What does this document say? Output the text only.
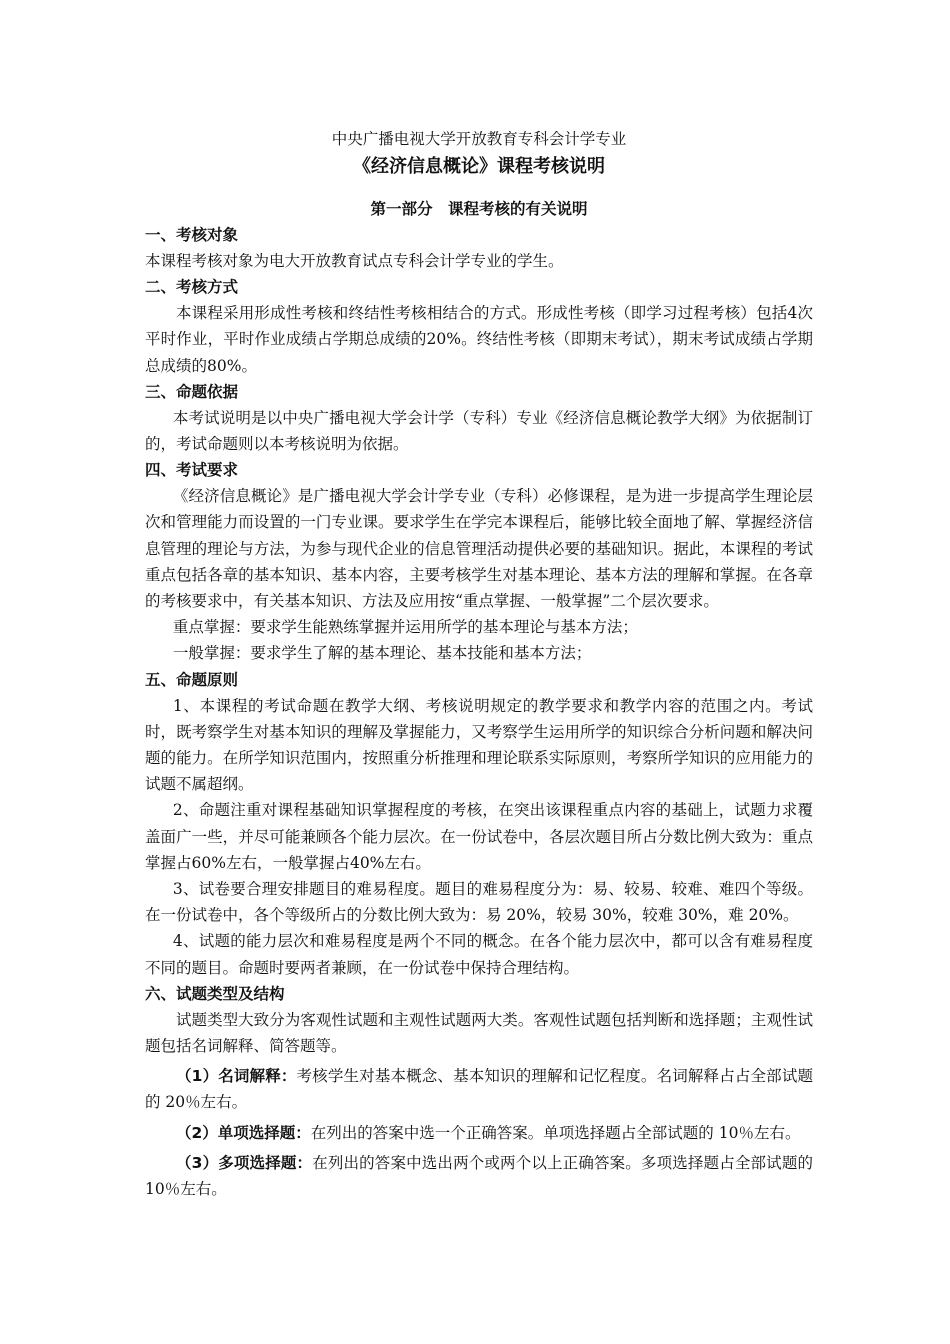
中央广播电视大学开放教育专科会计学专业
《经济信息概论》课程考核说明
第一部分　课程考核的有关说明
一、考核对象

本课程考核对象为电大开放教育试点专科会计学专业的学生。

二、考核方式

本课程采用形成性考核和终结性考核相结合的方式。形成性考核（即学习过程考核）包括4次平时作业，平时作业成绩占学期总成绩的20%。终结性考核（即期末考试），期末考试成绩占学期总成绩的80%。

三、命题依据

本考试说明是以中央广播电视大学会计学（专科）专业《经济信息概论教学大纲》为依据制订的，考试命题则以本考核说明为依据。

四、考试要求

《经济信息概论》是广播电视大学会计学专业（专科）必修课程，是为进一步提高学生理论层次和管理能力而设置的一门专业课。要求学生在学完本课程后，能够比较全面地了解、掌握经济信息管理的理论与方法，为参与现代企业的信息管理活动提供必要的基础知识。据此，本课程的考试重点包括各章的基本知识、基本内容，主要考核学生对基本理论、基本方法的理解和掌握。在各章的考核要求中，有关基本知识、方法及应用按“重点掌握、一般掌握”二个层次要求。

重点掌握：要求学生能熟练掌握并运用所学的基本理论与基本方法；

一般掌握：要求学生了解的基本理论、基本技能和基本方法；

五、命题原则

1、本课程的考试命题在教学大纲、考核说明规定的教学要求和教学内容的范围之内。考试时，既考察学生对基本知识的理解及掌握能力，又考察学生运用所学的知识综合分析问题和解决问题的能力。在所学知识范围内，按照重分析推理和理论联系实际原则，考察所学知识的应用能力的试题不属超纲。

2、命题注重对课程基础知识掌握程度的考核，在突出该课程重点内容的基础上，试题力求覆盖面广一些，并尽可能兼顾各个能力层次。在一份试卷中，各层次题目所占分数比例大致为：重点掌握占60%左右，一般掌握占40%左右。

3、试卷要合理安排题目的难易程度。题目的难易程度分为：易、较易、较难、难四个等级。在一份试卷中，各个等级所占的分数比例大致为：易 20%，较易 30%，较难 30%，难 20%。

4、试题的能力层次和难易程度是两个不同的概念。在各个能力层次中，都可以含有难易程度不同的题目。命题时要两者兼顾，在一份试卷中保持合理结构。

六、试题类型及结构

试题类型大致分为客观性试题和主观性试题两大类。客观性试题包括判断和选择题；主观性试题包括名词解释、简答题等。

（1）名词解释：考核学生对基本概念、基本知识的理解和记忆程度。名词解释占占全部试题的 20％左右。

（2）单项选择题：在列出的答案中选一个正确答案。单项选择题占全部试题的 10％左右。

（3）多项选择题：在列出的答案中选出两个或两个以上正确答案。多项选择题占全部试题的 10％左右。
